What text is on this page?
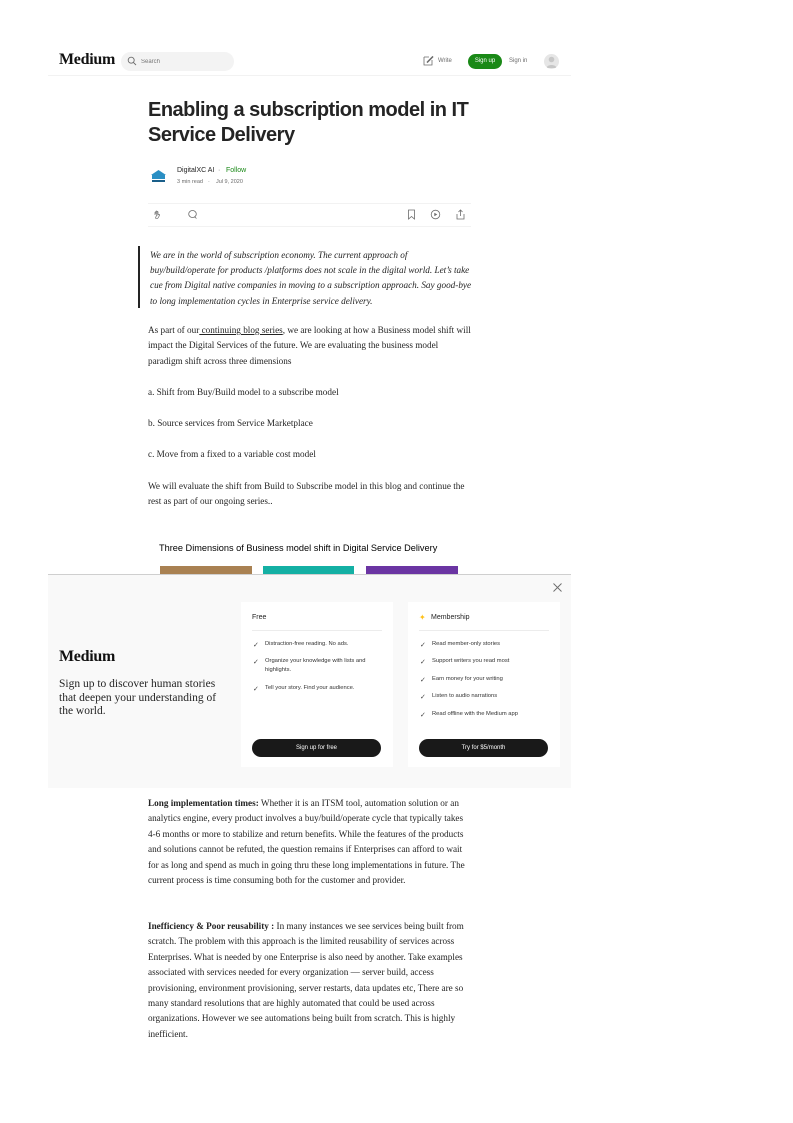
Medium
Search	Write	Sign up	Sign in
Enabling a subscription model in IT Service Delivery
DigitalXC AI · Follow
3 min read · Jul 9, 2020
We are in the world of subscription economy. The current approach of buy/build/operate for products /platforms does not scale in the digital world. Let’s take cue from Digital native companies in moving to a subscription approach. Say good-bye to long implementation cycles in Enterprise service delivery.
As part of our continuing blog series, we are looking at how a Business model shift will impact the Digital Services of the future. We are evaluating the business model paradigm shift across three dimensions
a. Shift from Buy/Build model to a subscribe model
b. Source services from Service Marketplace
c. Move from a fixed to a variable cost model
We will evaluate the shift from Build to Subscribe model in this blog and continue the rest as part of our ongoing series..
Three Dimensions of Business model shift in Digital Service Delivery
Medium
Sign up to discover human stories that deepen your understanding of the world.
Free
✓ Distraction-free reading. No ads.
✓ Organize your knowledge with lists and highlights.
✓ Tell your story. Find your audience.
Sign up for free
✦ Membership
✓ Read member-only stories
✓ Support writers you read most
✓ Earn money for your writing
✓ Listen to audio narrations
✓ Read offline with the Medium app
Try for $5/month
Long implementation times: Whether it is an ITSM tool, automation solution or an analytics engine, every product involves a buy/build/operate cycle that typically takes 4-6 months or more to stabilize and return benefits. While the features of the products and solutions cannot be refuted, the question remains if Enterprises can afford to wait for as long and spend as much in going thru these long implementations in future. The current process is time consuming both for the customer and provider.
Inefficiency & Poor reusability : In many instances we see services being built from scratch. The problem with this approach is the limited reusability of services across Enterprises. What is needed by one Enterprise is also need by another. Take examples associated with services needed for every organization — server build, access provisioning, environment provisioning, server restarts, data updates etc, There are so many standard resolutions that are highly automated that could be used across organizations. However we see automations being built from scratch. This is highly inefficient.
